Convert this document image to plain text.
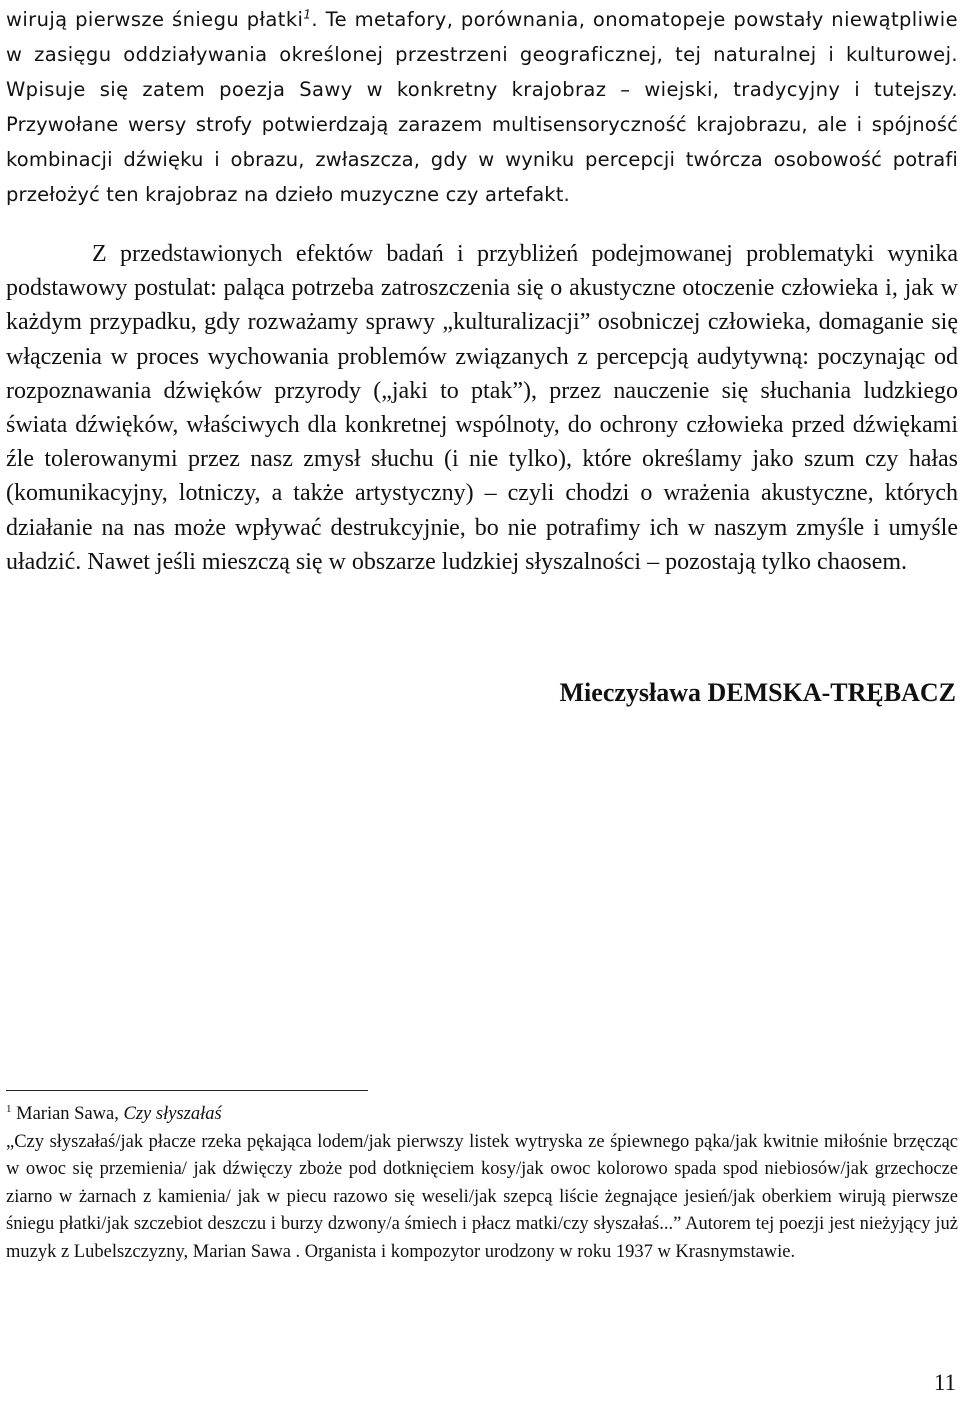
wirują pierwsze śniegu płatki$^1$. Te metafory, porównania, onomatopeje powstały niewątpliwie w zasięgu oddziaływania określonej przestrzeni geograficznej, tej naturalnej i kulturowej. Wpisuje się zatem poezja Sawy w konkretny krajobraz – wiejski, tradycyjny i tutejszy. Przywołane wersy strofy potwierdzają zarazem multisensoryczność krajobrazu, ale i spójność kombinacji dźwięku i obrazu, zwłaszcza, gdy w wyniku percepcji twórcza osobowość potrafi przełożyć ten krajobraz na dzieło muzyczne czy artefakt.

Z przedstawionych efektów badań i przybliżeń podejmowanej problematyki wynika podstawowy postulat: paląca potrzeba zatroszczenia się o akustyczne otoczenie człowieka i, jak w każdym przypadku, gdy rozważamy sprawy „kulturalizacji” osobniczej człowieka, domaganie się włączenia w proces wychowania problemów związanych z percepcją audytywną: poczynając od rozpoznawania dźwięków przyrody („jaki to ptak”), przez nauczenie się słuchania ludzkiego świata dźwięków, właściwych dla konkretnej wspólnoty, do ochrony człowieka przed dźwiękami źle tolerowanymi przez nasz zmysł słuchu (i nie tylko), które określamy jako szum czy hałas (komunikacyjny, lotniczy, a także artystyczny) – czyli chodzi o wrażenia akustyczne, których działanie na nas może wpływać destrukcyjnie, bo nie potrafimy ich w naszym zmyśle i umyśle uładzić. Nawet jeśli mieszczą się w obszarze ludzkiej słyszalności – pozostają tylko chaosem.

Mieczysława DEMSKA-TRĘBACZ

$^1$ Marian Sawa, Czy słyszałaś
„Czy słyszałaś/jak płacze rzeka pękająca lodem/jak pierwszy listek wytryska ze śpiewnego pąka/jak kwitnie miłośnie brzęcząc w owoc się przemienia/ jak dźwięczy zboże pod dotknięciem kosy/jak owoc kolorowo spada spod niebiosów/jak grzechocze ziarno w żarnach z kamienia/ jak w piecu razowo się weseli/jak szepcą liście żegnające jesień/jak oberkiem wirują pierwsze śniegu płatki/jak szczebiot deszczu i burzy dzwony/a śmiech i płacz matki/czy słyszałaś...” Autorem tej poezji jest nieżyjący już muzyk z Lubelszczyzny, Marian Sawa . Organista i kompozytor urodzony w roku 1937 w Krasnymstawie.

11
